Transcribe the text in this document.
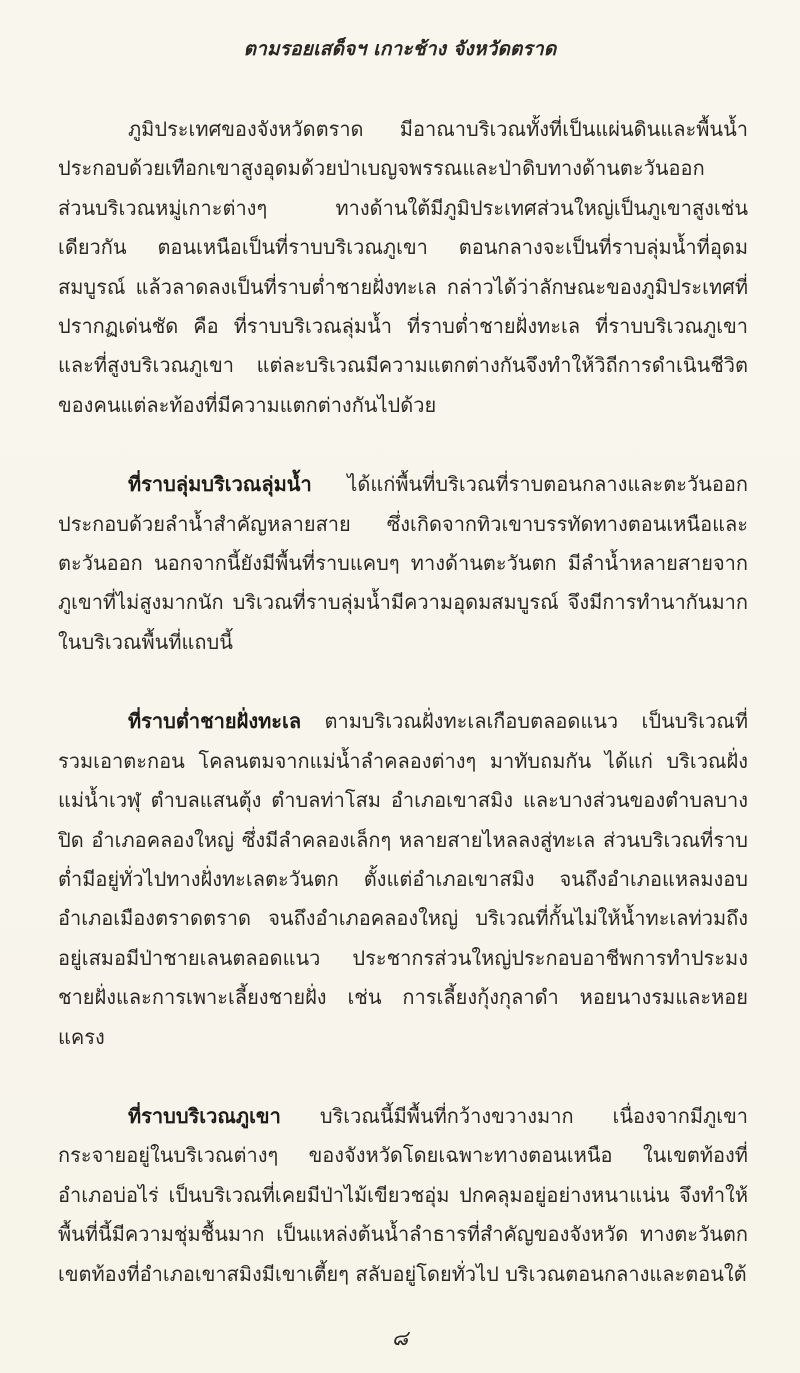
ตามรอยเสด็จฯ เกาะช้าง จังหวัดตราด

ภูมิประเทศของจังหวัดตราด มีอาณาบริเวณทั้งที่เป็นแผ่นดินและพื้นน้ำ ประกอบด้วยเทือกเขาสูงอุดมด้วยป่าเบญจพรรณและป่าดิบทางด้านตะวันออก ส่วนบริเวณหมู่เกาะต่างๆ ทางด้านใต้มีภูมิประเทศส่วนใหญ่เป็นภูเขาสูงเช่นเดียวกัน ตอนเหนือเป็นที่ราบบริเวณภูเขา ตอนกลางจะเป็นที่ราบลุ่มน้ำที่อุดมสมบูรณ์ แล้วลาดลงเป็นที่ราบต่ำชายฝั่งทะเล กล่าวได้ว่าลักษณะของภูมิประเทศที่ปรากฏเด่นชัด คือ ที่ราบบริเวณลุ่มน้ำ ที่ราบต่ำชายฝั่งทะเล ที่ราบบริเวณภูเขาและที่สูงบริเวณภูเขา แต่ละบริเวณมีความแตกต่างกันจึงทำให้วิถีการดำเนินชีวิตของคนแต่ละท้องที่มีความแตกต่างกันไปด้วย

ที่ราบลุ่มบริเวณลุ่มน้ำ ได้แก่พื้นที่บริเวณที่ราบตอนกลางและตะวันออก ประกอบด้วยลำน้ำสำคัญหลายสาย ซึ่งเกิดจากทิวเขาบรรทัดทางตอนเหนือและตะวันออก นอกจากนี้ยังมีพื้นที่ราบแคบๆ ทางด้านตะวันตก มีลำน้ำหลายสายจากภูเขาที่ไม่สูงมากนัก บริเวณที่ราบลุ่มน้ำมีความอุดมสมบูรณ์ จึงมีการทำนากันมากในบริเวณพื้นที่แถบนี้

ที่ราบต่ำชายฝั่งทะเล ตามบริเวณฝั่งทะเลเกือบตลอดแนว เป็นบริเวณที่รวมเอาตะกอน โคลนตมจากแม่น้ำลำคลองต่างๆ มาทับถมกัน ได้แก่ บริเวณฝั่งแม่น้ำเวฬุ ตำบลแสนตุ้ง ตำบลท่าโสม อำเภอเขาสมิง และบางส่วนของตำบลบางปิด อำเภอคลองใหญ่ ซึ่งมีลำคลองเล็กๆ หลายสายไหลลงสู่ทะเล ส่วนบริเวณที่ราบต่ำมีอยู่ทั่วไปทางฝั่งทะเลตะวันตก ตั้งแต่อำเภอเขาสมิง จนถึงอำเภอแหลมงอบ อำเภอเมืองตราดตราด จนถึงอำเภอคลองใหญ่ บริเวณที่กั้นไม่ให้น้ำทะเลท่วมถึงอยู่เสมอมีป่าชายเลนตลอดแนว ประชากรส่วนใหญ่ประกอบอาชีพการทำประมงชายฝั่งและการเพาะเลี้ยงชายฝั่ง เช่น การเลี้ยงกุ้งกุลาดำ หอยนางรมและหอยแครง

ที่ราบบริเวณภูเขา บริเวณนี้มีพื้นที่กว้างขวางมาก เนื่องจากมีภูเขากระจายอยู่ในบริเวณต่างๆ ของจังหวัดโดยเฉพาะทางตอนเหนือ ในเขตท้องที่อำเภอบ่อไร่ เป็นบริเวณที่เคยมีป่าไม้เขียวชอุ่ม ปกคลุมอยู่อย่างหนาแน่น จึงทำให้พื้นที่นี้มีความชุ่มชื้นมาก เป็นแหล่งต้นน้ำลำธารที่สำคัญของจังหวัด ทางตะวันตกเขตท้องที่อำเภอเขาสมิงมีเขาเตี้ยๆ สลับอยู่โดยทั่วไป บริเวณตอนกลางและตอนใต้

๘
